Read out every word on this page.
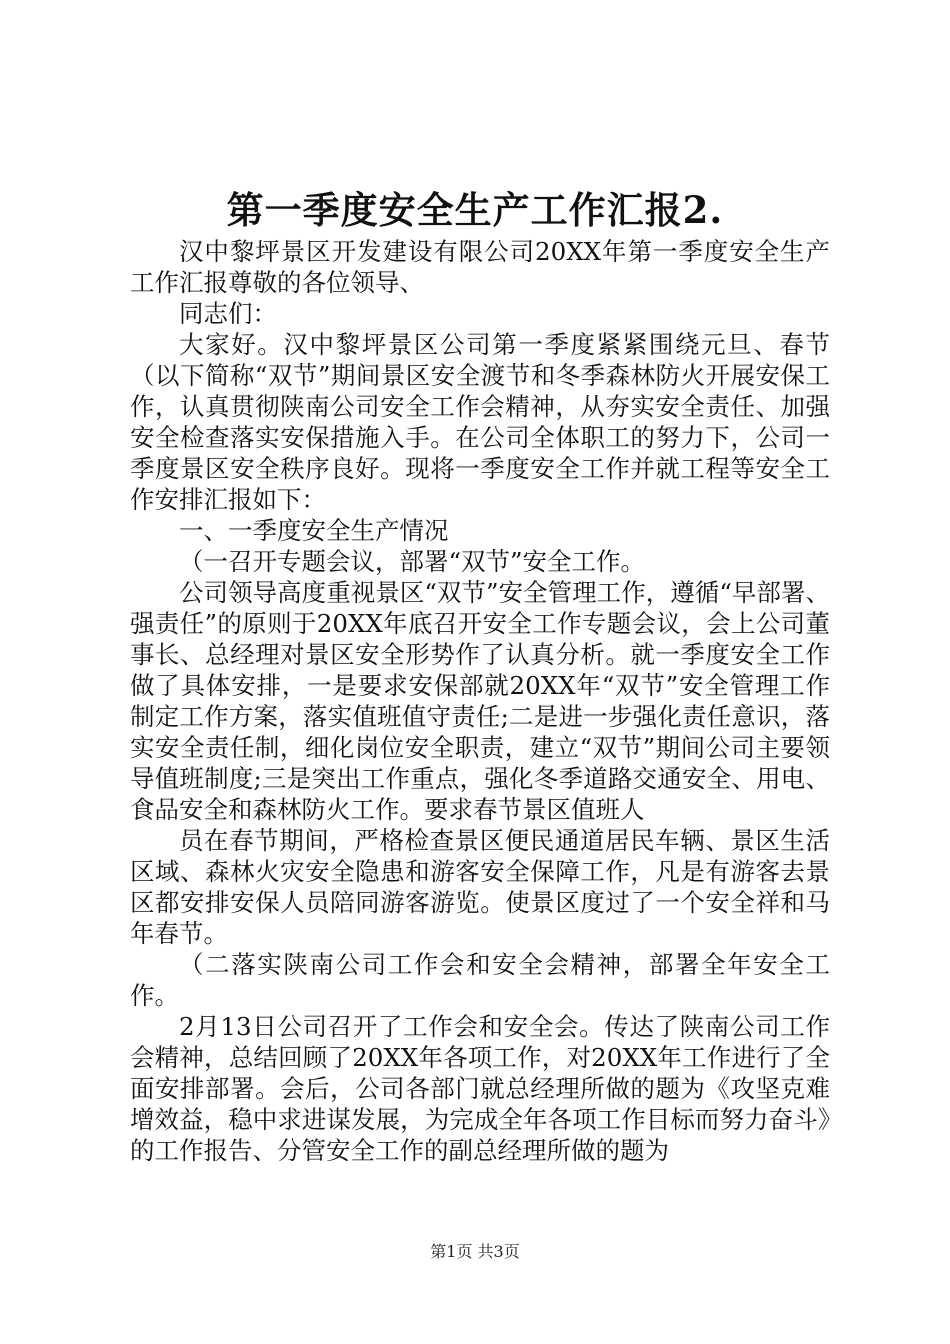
第一季度安全生产工作汇报2.

汉中黎坪景区开发建设有限公司20XX年第一季度安全生产工作汇报尊敬的各位领导、

同志们：

大家好。汉中黎坪景区公司第一季度紧紧围绕元旦、春节（以下简称“双节”期间景区安全渡节和冬季森林防火开展安保工作，认真贯彻陕南公司安全工作会精神，从夯实安全责任、加强安全检查落实安保措施入手。在公司全体职工的努力下，公司一季度景区安全秩序良好。现将一季度安全工作并就工程等安全工作安排汇报如下：

一、一季度安全生产情况

（一召开专题会议，部署“双节”安全工作。

公司领导高度重视景区“双节”安全管理工作，遵循“早部署、强责任”的原则于20XX年底召开安全工作专题会议，会上公司董事长、总经理对景区安全形势作了认真分析。就一季度安全工作做了具体安排，一是要求安保部就20XX年“双节”安全管理工作制定工作方案，落实值班值守责任;二是进一步强化责任意识，落实安全责任制，细化岗位安全职责，建立“双节”期间公司主要领导值班制度;三是突出工作重点，强化冬季道路交通安全、用电、食品安全和森林防火工作。要求春节景区值班人

员在春节期间，严格检查景区便民通道居民车辆、景区生活区域、森林火灾安全隐患和游客安全保障工作，凡是有游客去景区都安排安保人员陪同游客游览。使景区度过了一个安全祥和马年春节。

（二落实陕南公司工作会和安全会精神，部署全年安全工作。

2月13日公司召开了工作会和安全会。传达了陕南公司工作会精神，总结回顾了20XX年各项工作，对20XX年工作进行了全面安排部署。会后，公司各部门就总经理所做的题为《攻坚克难增效益，稳中求进谋发展，为完成全年各项工作目标而努力奋斗》的工作报告、分管安全工作的副总经理所做的题为

第1页 共3页
